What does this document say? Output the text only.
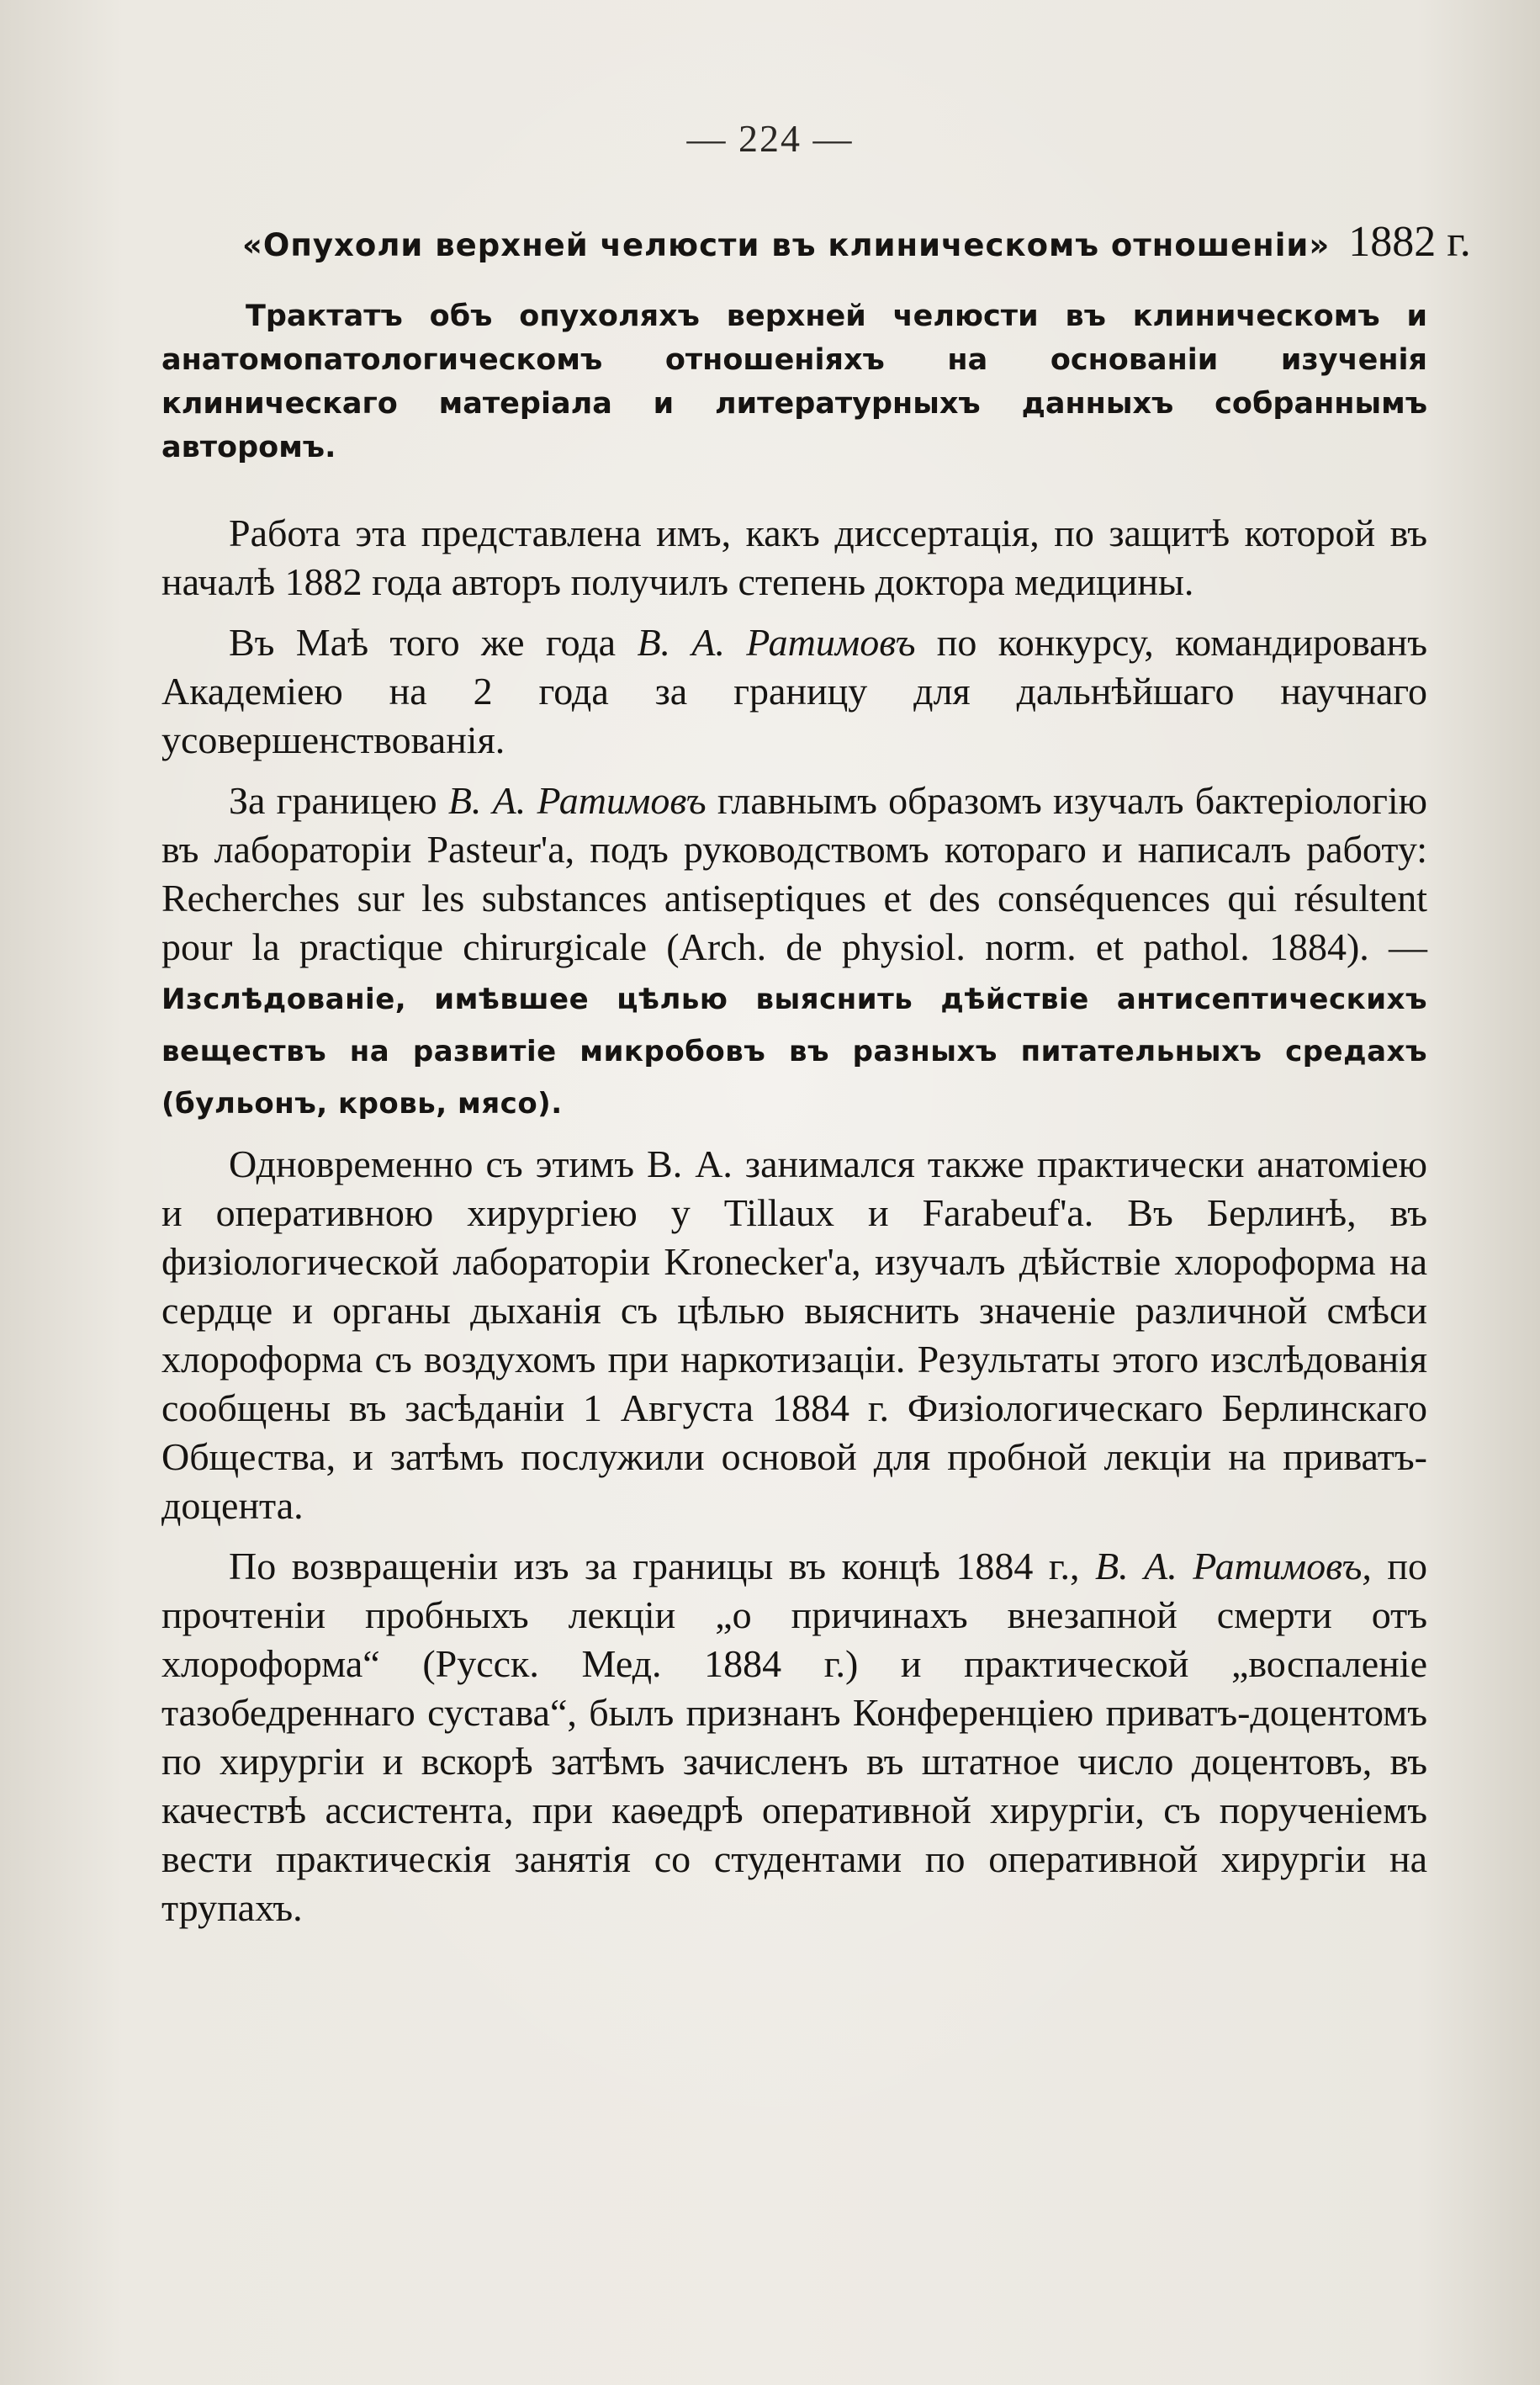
— 224 —
«Опухоли верхней челюсти въ клиническомъ отношеніи» 1882 г.

Трактатъ объ опухоляхъ верхней челюсти въ клиническомъ и анатомопатологическомъ отношеніяхъ на основаніи изученія клиническаго матеріала и литературныхъ данныхъ собраннымъ авторомъ.

Работа эта представлена имъ, какъ диссертація, по защитѣ которой въ началѣ 1882 года авторъ получилъ степень доктора медицины.

Въ Маѣ того же года В. А. Ратимовъ по конкурсу, командированъ Академіею на 2 года за границу для дальнѣйшаго научнаго усовершенствованія.

За границею В. А. Ратимовъ главнымъ образомъ изучалъ бактеріологію въ лабораторіи Pasteur'а, подъ руководствомъ котораго и написалъ работу: Recherches sur les substances antiseptiques et des conséquences qui résultent pour la practique chirurgicale (Arch. de physiol. norm. et pathol. 1884). — Изслѣдованіе, имѣвшее цѣлью выяснить дѣйствіе антисептическихъ веществъ на развитіе микробовъ въ разныхъ питательныхъ средахъ (бульонъ, кровь, мясо).

Одновременно съ этимъ В. А. занимался также практически анатоміею и оперативною хирургіею у Tillaux и Farabeuf'а. Въ Берлинѣ, въ физіологической лабораторіи Kronecker'а, изучалъ дѣйствіе хлороформа на сердце и органы дыханія съ цѣлью выяснить значеніе различной смѣси хлороформа съ воздухомъ при наркотизаціи. Результаты этого изслѣдованія сообщены въ засѣданіи 1 Августа 1884 г. Физіологическаго Берлинскаго Общества, и затѣмъ послужили основой для пробной лекціи на приватъ-доцента.

По возвращеніи изъ за границы въ концѣ 1884 г., В. А. Ратимовъ, по прочтеніи пробныхъ лекціи „о причинахъ внезапной смерти отъ хлороформа“ (Русск. Мед. 1884 г.) и практической „воспаленіе тазобедреннаго сустава“, былъ признанъ Конференціею приватъ-доцентомъ по хирургіи и вскорѣ затѣмъ зачисленъ въ штатное число доцентовъ, въ качествѣ ассистента, при каѳедрѣ оперативной хирургіи, съ порученіемъ вести практическія занятія со студентами по оперативной хирургіи на трупахъ.
